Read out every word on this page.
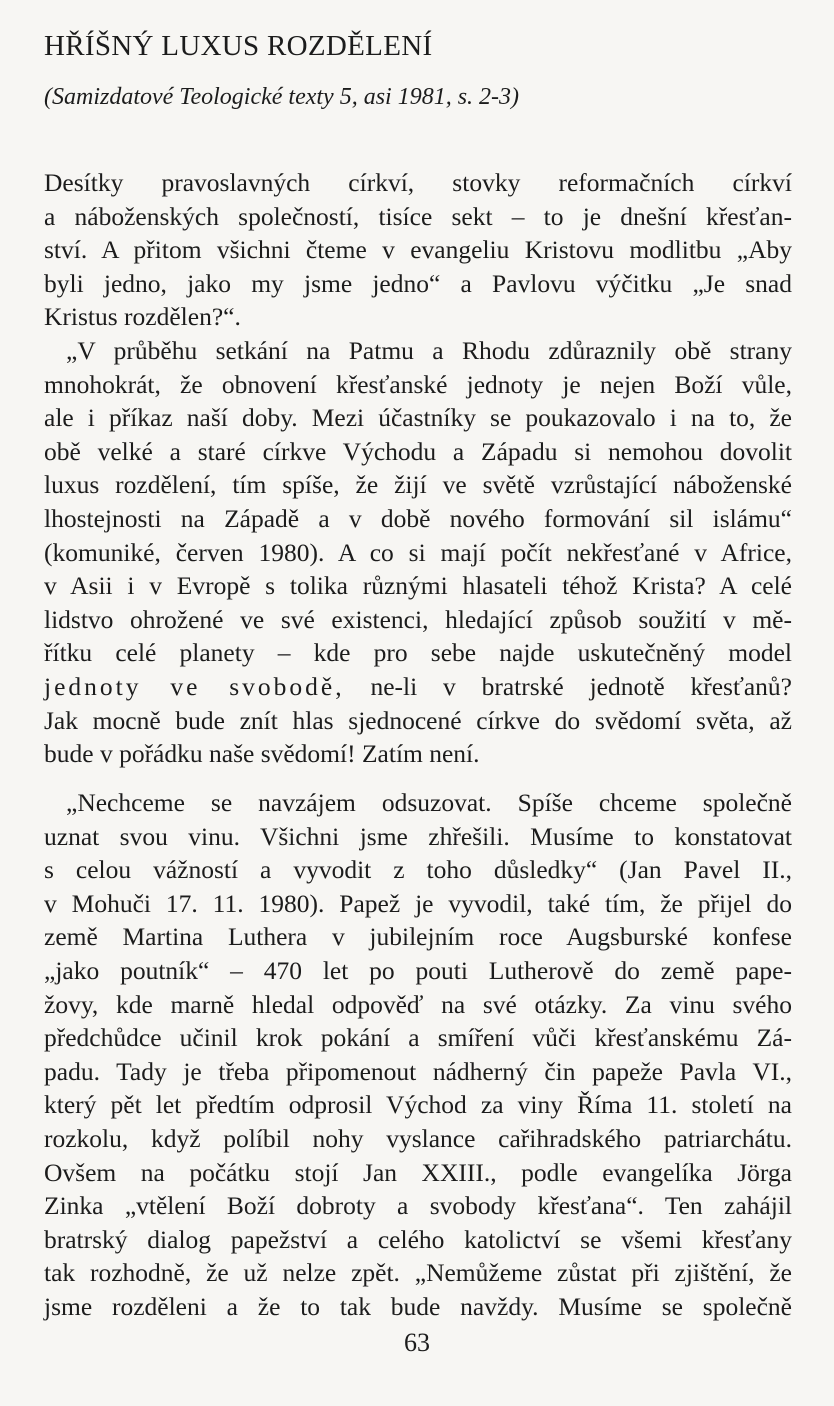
HŘÍŠNÝ LUXUS ROZDĚLENÍ
(Samizdatové Teologické texty 5, asi 1981, s. 2-3)
Desítky pravoslavných církví, stovky reformačních církví
a náboženských společností, tisíce sekt – to je dnešní křesťan-
ství. A přitom všichni čteme v evangeliu Kristovu modlitbu „Aby
byli jedno, jako my jsme jedno“ a Pavlovu výčitku „Je snad
Kristus rozdělen?“.
„V průběhu setkání na Patmu a Rhodu zdůraznily obě strany
mnohokrát, že obnovení křesťanské jednoty je nejen Boží vůle,
ale i příkaz naší doby. Mezi účastníky se poukazovalo i na to, že
obě velké a staré církve Východu a Západu si nemohou dovolit
luxus rozdělení, tím spíše, že žijí ve světě vzrůstající náboženské
lhostejnosti na Západě a v době nového formování sil islámu“
(komuniké, červen 1980). A co si mají počít nekřesťané v Africe,
v Asii i v Evropě s tolika různými hlasateli téhož Krista? A celé
lidstvo ohrožené ve své existenci, hledající způsob soužití v mě-
řítku celé planety – kde pro sebe najde uskutečněný model
jednoty ve svobodě, ne-li v bratrské jednotě křesťanů?
Jak mocně bude znít hlas sjednocené církve do svědomí světa, až
bude v pořádku naše svědomí! Zatím není.
„Nechceme se navzájem odsuzovat. Spíše chceme společně
uznat svou vinu. Všichni jsme zhřešili. Musíme to konstatovat
s celou vážností a vyvodit z toho důsledky“ (Jan Pavel II.,
v Mohuči 17. 11. 1980). Papež je vyvodil, také tím, že přijel do
země Martina Luthera v jubilejním roce Augsburské konfese
„jako poutník“ – 470 let po pouti Lutherově do země pape-
žovy, kde marně hledal odpověď na své otázky. Za vinu svého
předchůdce učinil krok pokání a smíření vůči křesťanskému Zá-
padu. Tady je třeba připomenout nádherný čin papeže Pavla VI.,
který pět let předtím odprosil Východ za viny Říma 11. století na
rozkolu, když políbil nohy vyslance cařihradského patriarchátu.
Ovšem na počátku stojí Jan XXIII., podle evangelíka Jörga
Zinka „vtělení Boží dobroty a svobody křesťana“. Ten zahájil
bratrský dialog papežství a celého katolictví se všemi křesťany
tak rozhodně, že už nelze zpět. „Nemůžeme zůstat při zjištění, že
jsme rozděleni a že to tak bude navždy. Musíme se společně
63
